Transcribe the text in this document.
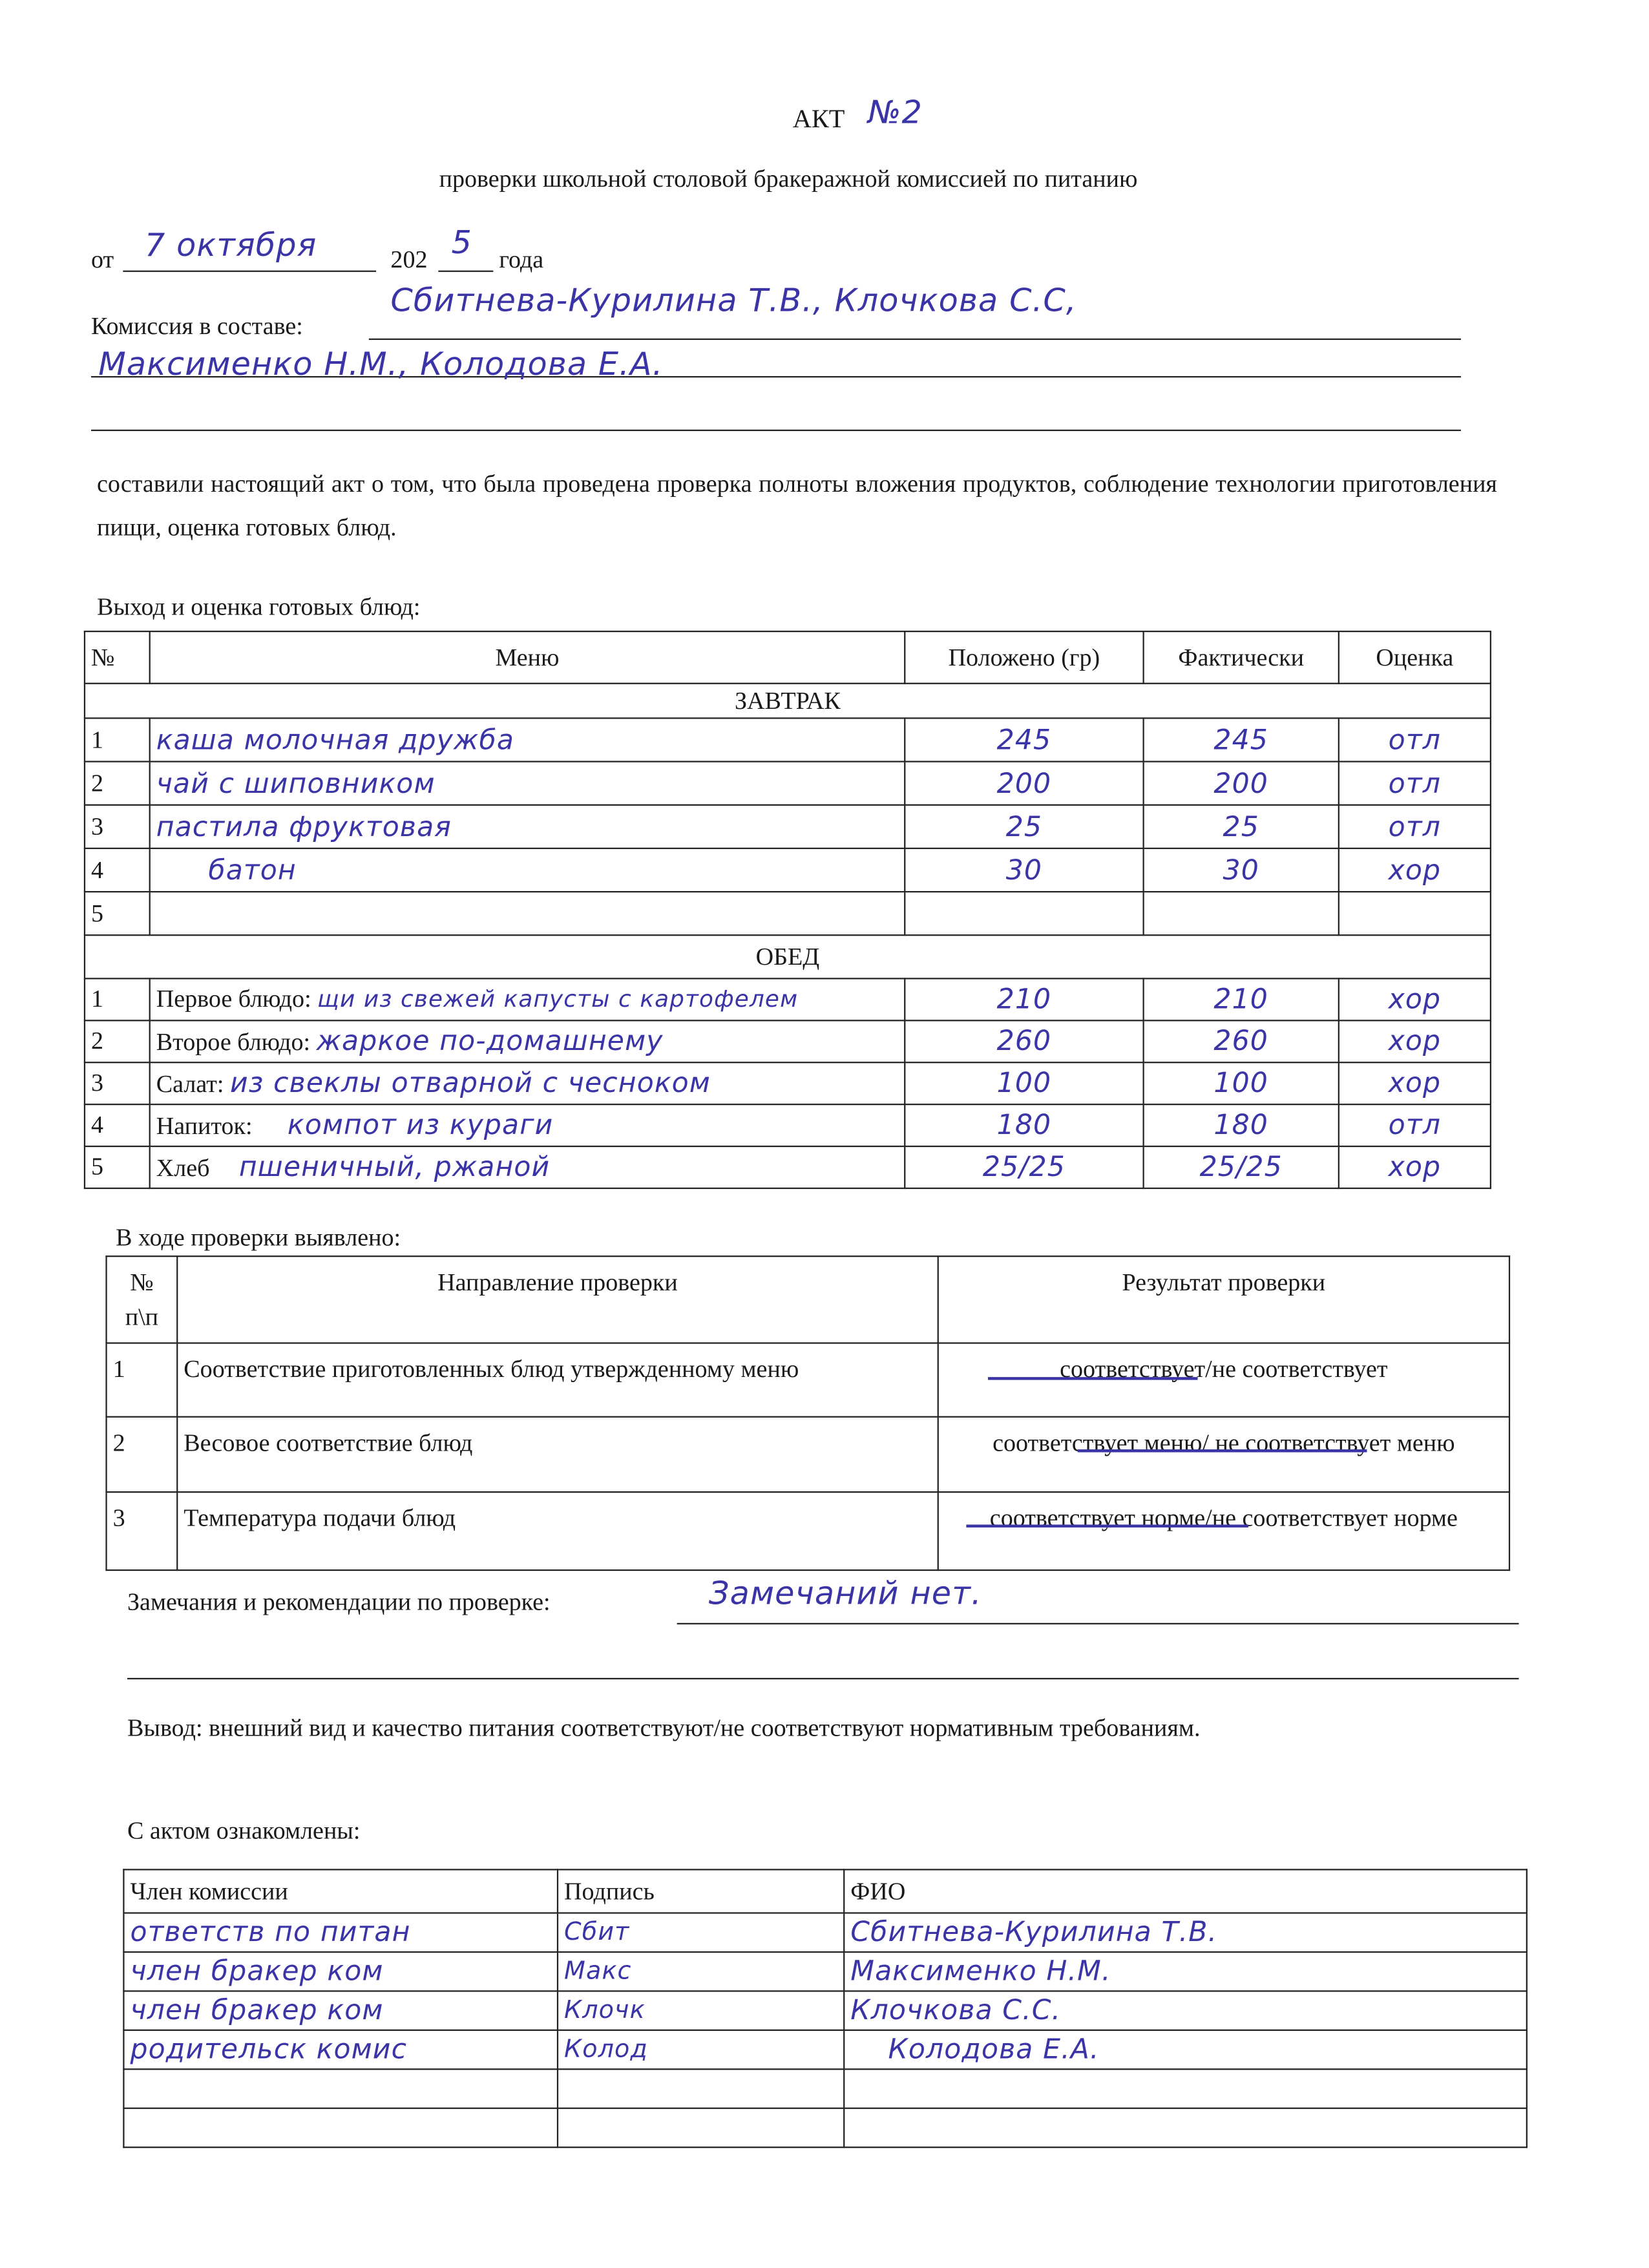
АКТ №2
проверки школьной столовой бракеражной комиссией по питанию
от 7 октября	202 5 года
Комиссия в составе:
Сбитнева-Курилина Т.В., Клочкова С.С,
Максименко Н.М., Колодова Е.А.
составили настоящий акт о том, что была проведена проверка полноты вложения продуктов, соблюдение технологии приготовления пищи, оценка готовых блюд.
Выход и оценка готовых блюд:
№	Меню	Положено (гр)	Фактически	Оценка
ЗАВТРАК				
1	каша молочная дружба	245	245	отл
2	чай с шиповником	200	200	отл
3	пастила фруктовая	25	25	отл
4	батон	30	30	хор
5				
ОБЕД				
1	Первое блюдо: щи из свежей капусты с картофелем	210	210	хор
2	Второе блюдо: жаркое по-домашнему	260	260	хор
3	Салат: из свеклы отварной с чесноком	100	100	хор
4	Напиток: компот из кураги	180	180	отл
5	Хлеб пшеничный, ржаной	25/25	25/25	хор
В ходе проверки выявлено:
№ п\п	Направление проверки	Результат проверки
1	Соответствие приготовленных блюд утвержденному меню	соответствует/не соответствует
2	Весовое соответствие блюд	соответствует меню/ не соответствует меню
3	Температура подачи блюд	соответствует норме/не соответствует норме
Замечания и рекомендации по проверке:	Замечаний нет.
Вывод: внешний вид и качество питания соответствуют/не соответствуют нормативным требованиям.
С актом ознакомлены:
Член комиссии	Подпись	ФИО
ответств по питан	Сбит	Сбитнева-Курилина Т.В.
член бракер ком	Макс	Максименко Н.М.
член бракер ком	Клочк	Клочкова С.С.
родительск комис	Колод	Колодова Е.А.
